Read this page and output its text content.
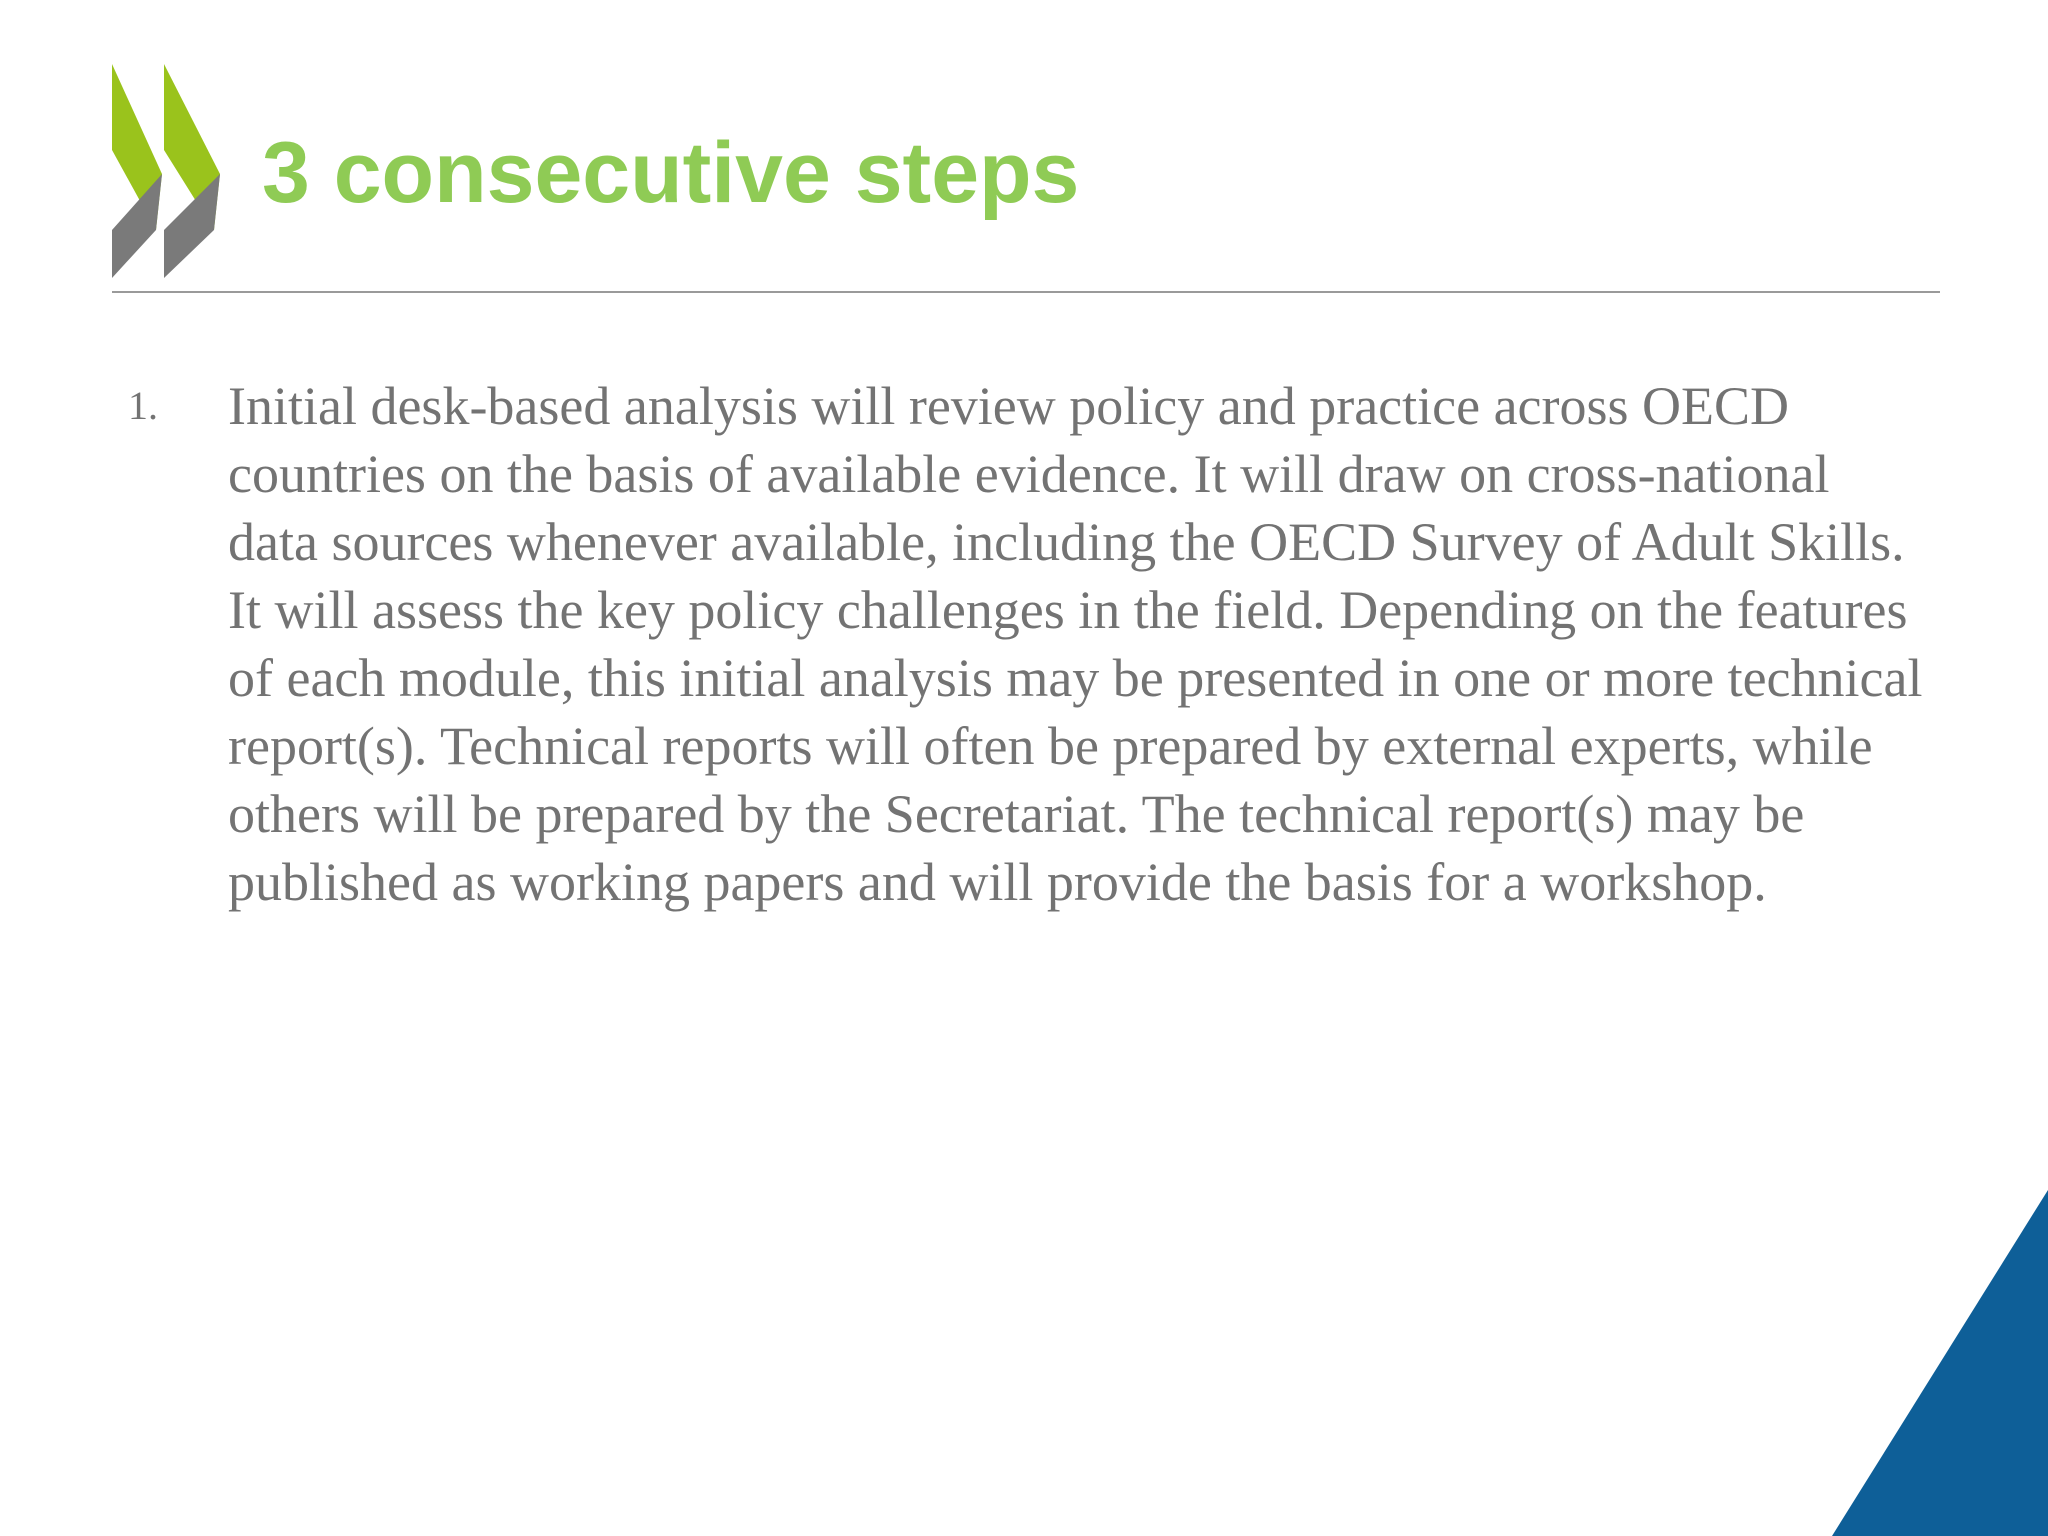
3 consecutive steps
1.	Initial desk-based analysis will review policy and practice across OECD countries on the basis of available evidence. It will draw on cross-national data sources whenever available, including the OECD Survey of Adult Skills. It will assess the key policy challenges in the field. Depending on the features of each module, this initial analysis may be presented in one or more technical report(s). Technical reports will often be prepared by external experts, while others will be prepared by the Secretariat. The technical report(s) may be published as working papers and will provide the basis for a workshop.
